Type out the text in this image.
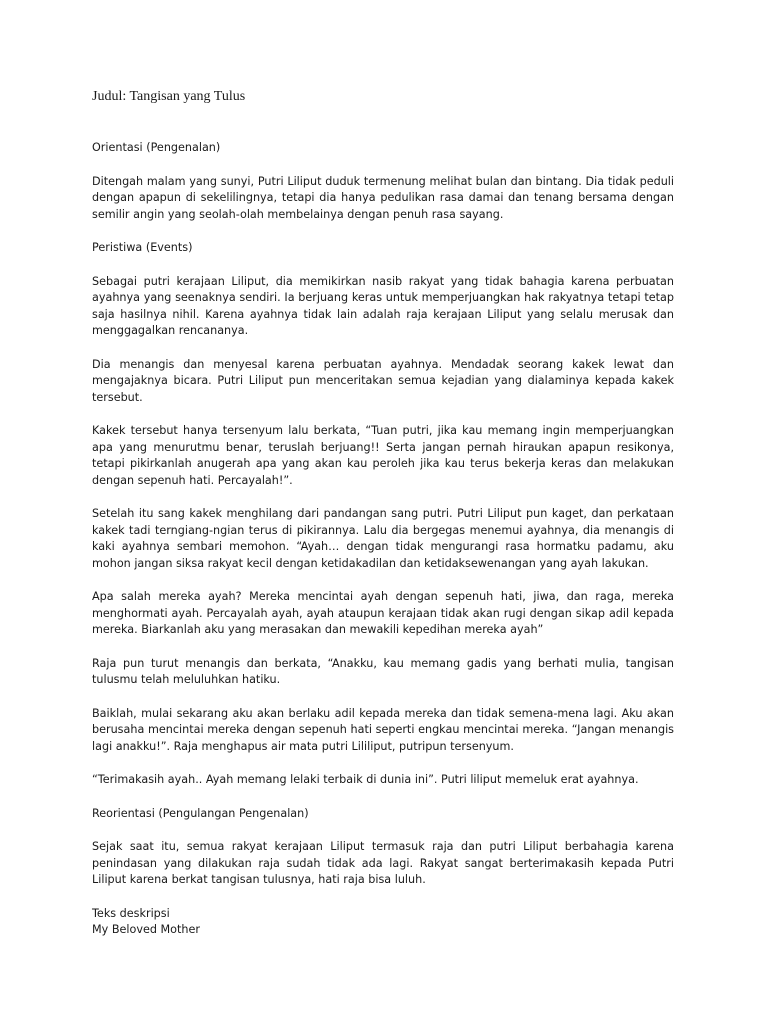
Judul: Tangisan yang Tulus

Orientasi (Pengenalan)

Ditengah malam yang sunyi, Putri Liliput duduk termenung melihat bulan dan bintang. Dia tidak peduli dengan apapun di sekelilingnya, tetapi dia hanya pedulikan rasa damai dan tenang bersama dengan semilir angin yang seolah-olah membelainya dengan penuh rasa sayang.

Peristiwa (Events)

Sebagai putri kerajaan Liliput, dia memikirkan nasib rakyat yang tidak bahagia karena perbuatan ayahnya yang seenaknya sendiri. Ia berjuang keras untuk memperjuangkan hak rakyatnya tetapi tetap saja hasilnya nihil. Karena ayahnya tidak lain adalah raja kerajaan Liliput yang selalu merusak dan menggagalkan rencananya.

Dia menangis dan menyesal karena perbuatan ayahnya. Mendadak seorang kakek lewat dan mengajaknya bicara. Putri Liliput pun menceritakan semua kejadian yang dialaminya kepada kakek tersebut.

Kakek tersebut hanya tersenyum lalu berkata, “Tuan putri, jika kau memang ingin memperjuangkan apa yang menurutmu benar, teruslah berjuang!! Serta jangan pernah hiraukan apapun resikonya, tetapi pikirkanlah anugerah apa yang akan kau peroleh jika kau terus bekerja keras dan melakukan dengan sepenuh hati. Percayalah!”.

Setelah itu sang kakek menghilang dari pandangan sang putri. Putri Liliput pun kaget, dan perkataan kakek tadi terngiang-ngian terus di pikirannya. Lalu dia bergegas menemui ayahnya, dia menangis di kaki ayahnya sembari memohon. “Ayah… dengan tidak mengurangi rasa hormatku padamu, aku mohon jangan siksa rakyat kecil dengan ketidakadilan dan ketidaksewenangan yang ayah lakukan.

Apa salah mereka ayah? Mereka mencintai ayah dengan sepenuh hati, jiwa, dan raga, mereka menghormati ayah. Percayalah ayah, ayah ataupun kerajaan tidak akan rugi dengan sikap adil kepada mereka. Biarkanlah aku yang merasakan dan mewakili kepedihan mereka ayah”

Raja pun turut menangis dan berkata, “Anakku, kau memang gadis yang berhati mulia, tangisan tulusmu telah meluluhkan hatiku.

Baiklah, mulai sekarang aku akan berlaku adil kepada mereka dan tidak semena-mena lagi. Aku akan berusaha mencintai mereka dengan sepenuh hati seperti engkau mencintai mereka. “Jangan menangis lagi anakku!”. Raja menghapus air mata putri Lililiput, putripun tersenyum.

“Terimakasih ayah.. Ayah memang lelaki terbaik di dunia ini”. Putri liliput memeluk erat ayahnya.

Reorientasi (Pengulangan Pengenalan)

Sejak saat itu, semua rakyat kerajaan Liliput termasuk raja dan putri Liliput berbahagia karena penindasan yang dilakukan raja sudah tidak ada lagi. Rakyat sangat berterimakasih kepada Putri Liliput karena berkat tangisan tulusnya, hati raja bisa luluh.

Teks deskripsi

My Beloved Mother
